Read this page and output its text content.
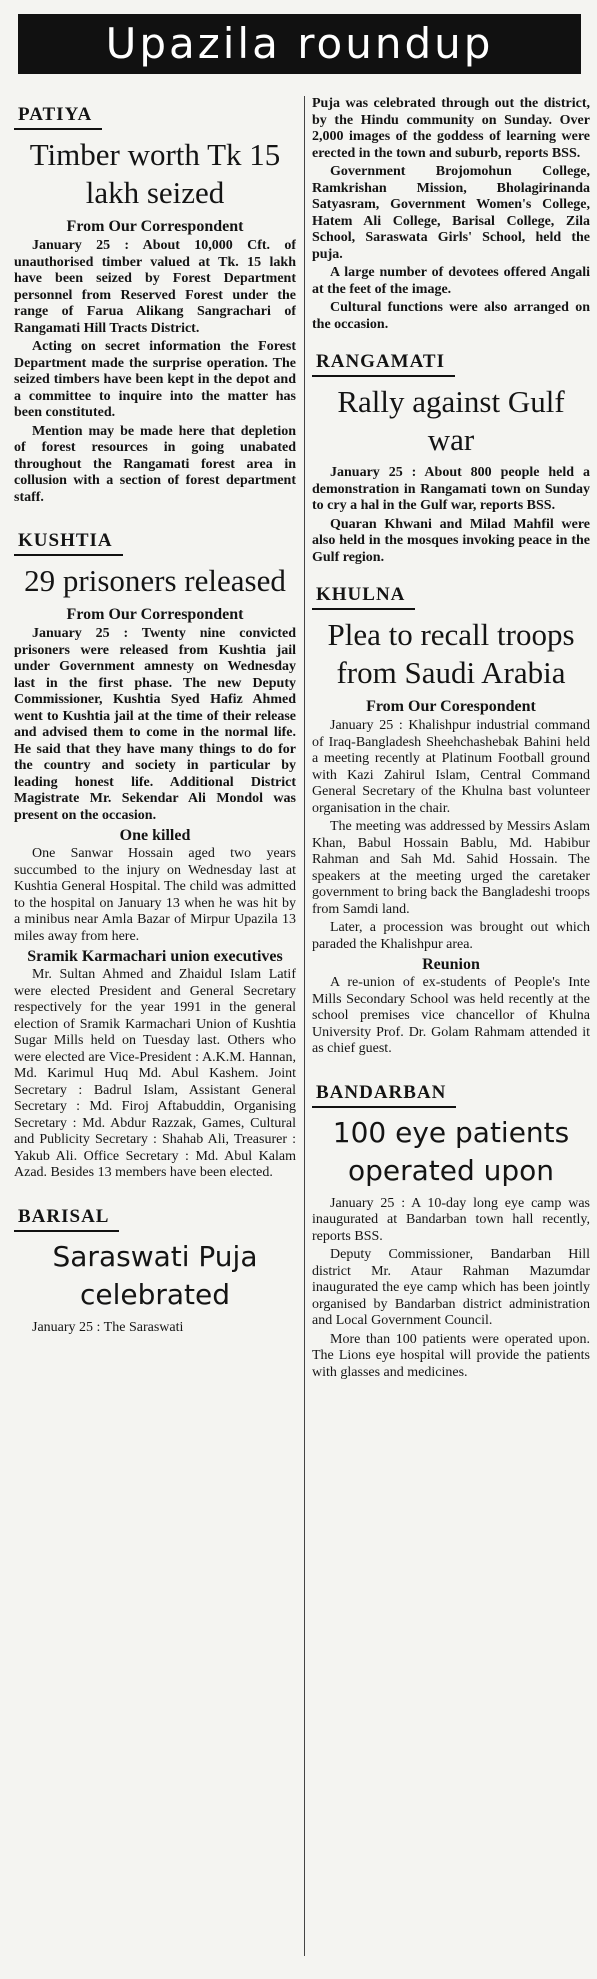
Upazila roundup
PATIYA
Timber worth Tk 15 lakh seized
From Our Correspondent

January 25 : About 10,000 Cft. of unauthorised timber valued at Tk. 15 lakh have been seized by Forest Department personnel from Reserved Forest under the range of Farua Alikang Sangrachari of Rangamati Hill Tracts District.

Acting on secret information the Forest Department made the surprise operation. The seized timbers have been kept in the depot and a committee to inquire into the matter has been constituted.

Mention may be made here that depletion of forest resources in going unabated throughout the Rangamati forest area in collusion with a section of forest department staff.

KUSHTIA
29 prisoners released
From Our Correspondent

January 25 : Twenty nine convicted prisoners were released from Kushtia jail under Government amnesty on Wednesday last in the first phase. The new Deputy Commissioner, Kushtia Syed Hafiz Ahmed went to Kushtia jail at the time of their release and advised them to come in the normal life. He said that they have many things to do for the country and society in particular by leading honest life. Additional District Magistrate Mr. Sekendar Ali Mondol was present on the occasion.

One killed

One Sanwar Hossain aged two years succumbed to the injury on Wednesday last at Kushtia General Hospital. The child was admitted to the hospital on January 13 when he was hit by a minibus near Amla Bazar of Mirpur Upazila 13 miles away from here.

Sramik Karmachari union executives

Mr. Sultan Ahmed and Zhaidul Islam Latif were elected President and General Secretary respectively for the year 1991 in the general election of Sramik Karmachari Union of Kushtia Sugar Mills held on Tuesday last. Others who were elected are Vice-President : A.K.M. Hannan, Md. Karimul Huq Md. Abul Kashem. Joint Secretary : Badrul Islam, Assistant General Secretary : Md. Firoj Aftabuddin, Organising Secretary : Md. Abdur Razzak, Games, Cultural and Publicity Secretary : Shahab Ali, Treasurer : Yakub Ali. Office Secretary : Md. Abul Kalam Azad. Besides 13 members have been elected.

BARISAL
Saraswati Puja celebrated

January 25 : The Saraswati

Puja was celebrated through out the district, by the Hindu community on Sunday. Over 2,000 images of the goddess of learning were erected in the town and suburb, reports BSS.

Government Brojomohun College, Ramkrishan Mission, Bholagirinanda Satyasram, Government Women's College, Hatem Ali College, Barisal College, Zila School, Saraswata Girls' School, held the puja.

A large number of devotees offered Angali at the feet of the image.

Cultural functions were also arranged on the occasion.

RANGAMATI
Rally against Gulf war

January 25 : About 800 people held a demonstration in Rangamati town on Sunday to cry a hal in the Gulf war, reports BSS.

Quaran Khwani and Milad Mahfil were also held in the mosques invoking peace in the Gulf region.

KHULNA
Plea to recall troops from Saudi Arabia
From Our Corespondent

January 25 : Khalishpur industrial command of Iraq-Bangladesh Sheehchashebak Bahini held a meeting recently at Platinum Football ground with Kazi Zahirul Islam, Central Command General Secretary of the Khulna bast volunteer organisation in the chair.

The meeting was addressed by Messirs Aslam Khan, Babul Hossain Bablu, Md. Habibur Rahman and Sah Md. Sahid Hossain. The speakers at the meeting urged the caretaker government to bring back the Bangladeshi troops from Samdi land.

Later, a procession was brought out which paraded the Khalishpur area.

Reunion

A re-union of ex-students of People's Inte Mills Secondary School was held recently at the school premises vice chancellor of Khulna University Prof. Dr. Golam Rahmam attended it as chief guest.

BANDARBAN
100 eye patients operated upon

January 25 : A 10-day long eye camp was inaugurated at Bandarban town hall recently, reports BSS.

Deputy Commissioner, Bandarban Hill district Mr. Ataur Rahman Mazumdar inaugurated the eye camp which has been jointly organised by Bandarban district administration and Local Government Council.

More than 100 patients were operated upon. The Lions eye hospital will provide the patients with glasses and medicines.
